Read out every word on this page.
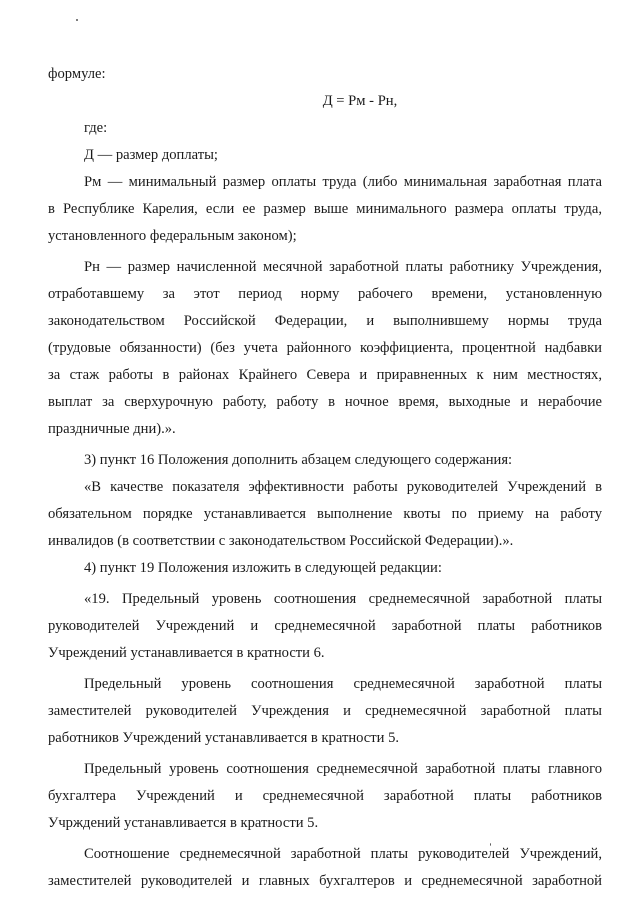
формуле:

Д = Рм - Рн,

где:

Д — размер доплаты;

Рм — минимальный размер оплаты труда (либо минимальная заработная плата

в Республике Карелия, если ее размер выше минимального размера оплаты труда,

установленного федеральным законом);

Рн — размер начисленной месячной заработной платы работнику Учреждения,

отработавшему за этот период норму рабочего времени, установленную

законодательством Российской Федерации, и выполнившему нормы труда

(трудовые обязанности) (без учета районного коэффициента, процентной надбавки

за стаж работы в районах Крайнего Севера и приравненных к ним местностях,

выплат за сверхурочную работу, работу в ночное время, выходные и нерабочие

праздничные дни).».

3) пункт 16 Положения дополнить абзацем следующего содержания:

«В качестве показателя эффективности работы руководителей Учреждений в

обязательном порядке устанавливается выполнение квоты по приему на работу

инвалидов (в соответствии с законодательством Российской Федерации).».

4) пункт 19 Положения изложить в следующей редакции:

«19. Предельный уровень соотношения среднемесячной заработной платы

руководителей Учреждений и среднемесячной заработной платы работников

Учреждений устанавливается в кратности 6.

Предельный уровень соотношения среднемесячной заработной платы

заместителей руководителей Учреждения и среднемесячной заработной платы

работников Учреждений устанавливается в кратности 5.

Предельный уровень соотношения среднемесячной заработной платы главного

бухгалтера Учреждений и среднемесячной заработной платы работников

Учрждений устанавливается в кратности 5.

Соотношение среднемесячной заработной платы руководителей Учреждений,

заместителей руководителей и главных бухгалтеров и среднемесячной заработной
